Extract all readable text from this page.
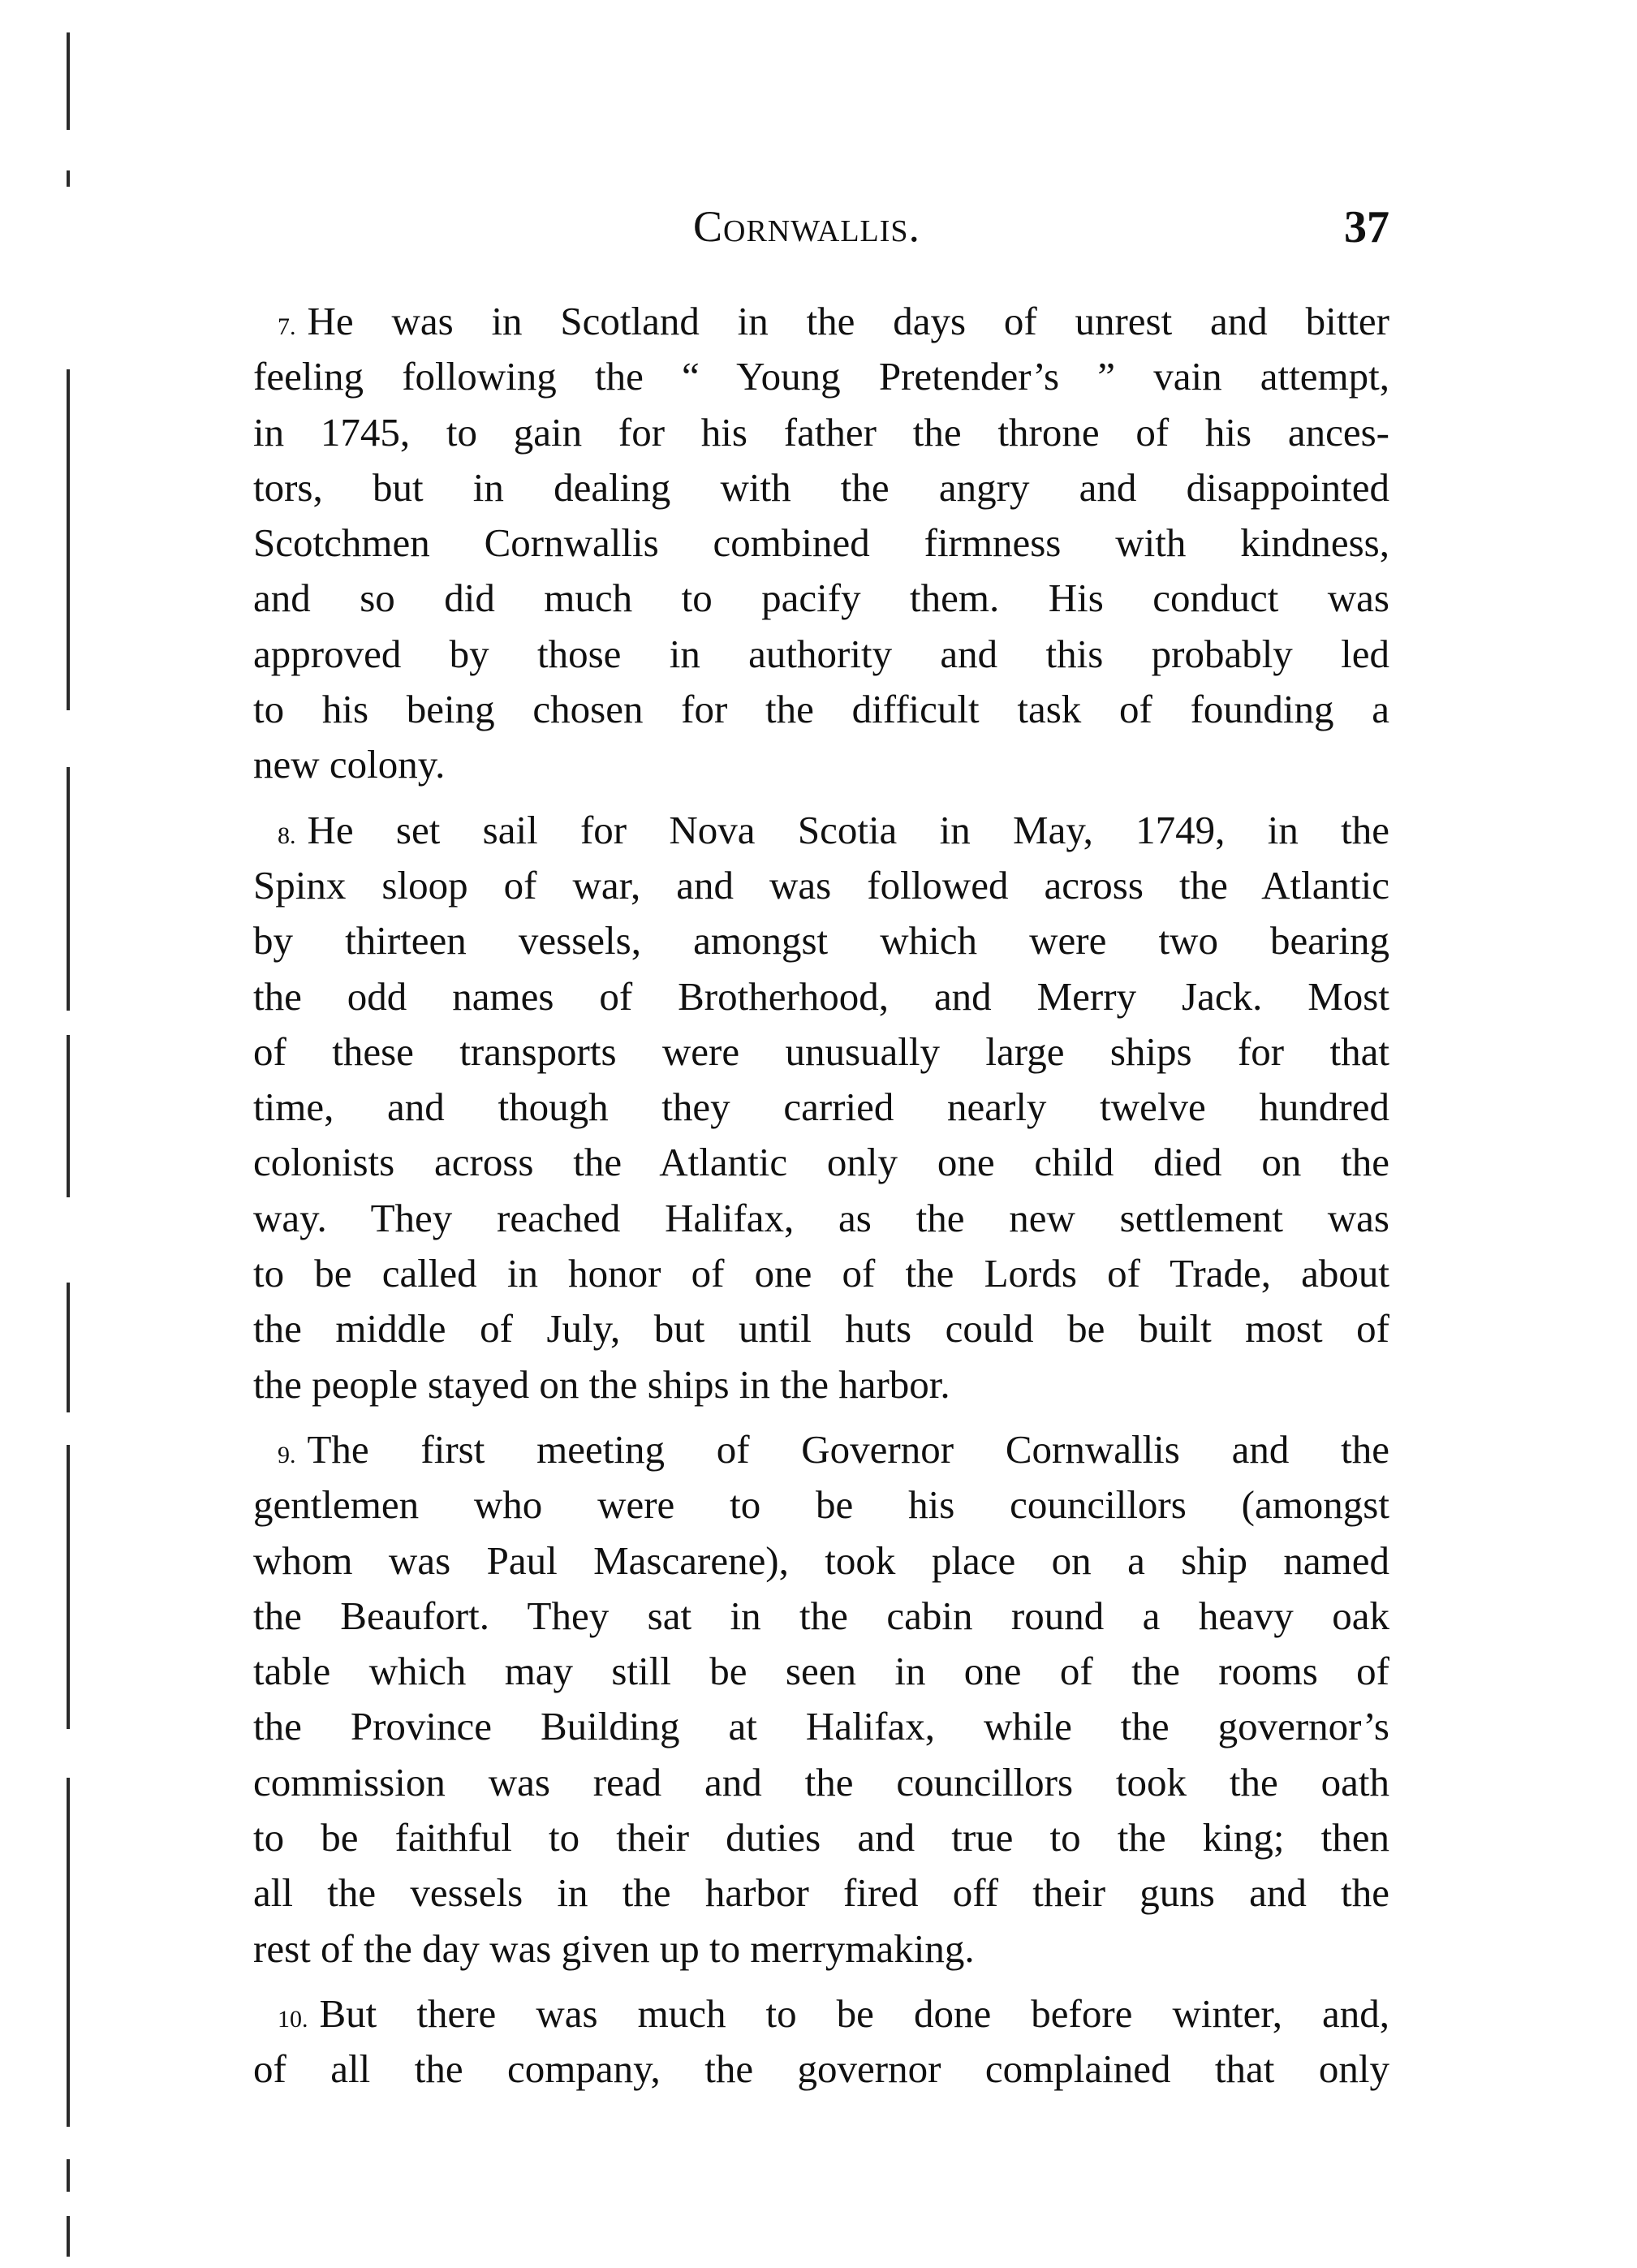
Cornwallis.	37
7. He was in Scotland in the days of unrest and bitter
feeling following the “ Young Pretender’s ” vain attempt,
in 1745, to gain for his father the throne of his ances-
tors, but in dealing with the angry and disappointed
Scotchmen Cornwallis combined firmness with kindness,
and so did much to pacify them. His conduct was
approved by those in authority and this probably led
to his being chosen for the difficult task of founding a
new colony.
8. He set sail for Nova Scotia in May, 1749, in the
Spinx sloop of war, and was followed across the Atlantic
by thirteen vessels, amongst which were two bearing
the odd names of Brotherhood, and Merry Jack. Most
of these transports were unusually large ships for that
time, and though they carried nearly twelve hundred
colonists across the Atlantic only one child died on the
way. They reached Halifax, as the new settlement was
to be called in honor of one of the Lords of Trade, about
the middle of July, but until huts could be built most of
the people stayed on the ships in the harbor.
9. The first meeting of Governor Cornwallis and the
gentlemen who were to be his councillors (amongst
whom was Paul Mascarene), took place on a ship named
the Beaufort. They sat in the cabin round a heavy oak
table which may still be seen in one of the rooms of
the Province Building at Halifax, while the governor’s
commission was read and the councillors took the oath
to be faithful to their duties and true to the king; then
all the vessels in the harbor fired off their guns and the
rest of the day was given up to merrymaking.
10. But there was much to be done before winter, and,
of all the company, the governor complained that only
